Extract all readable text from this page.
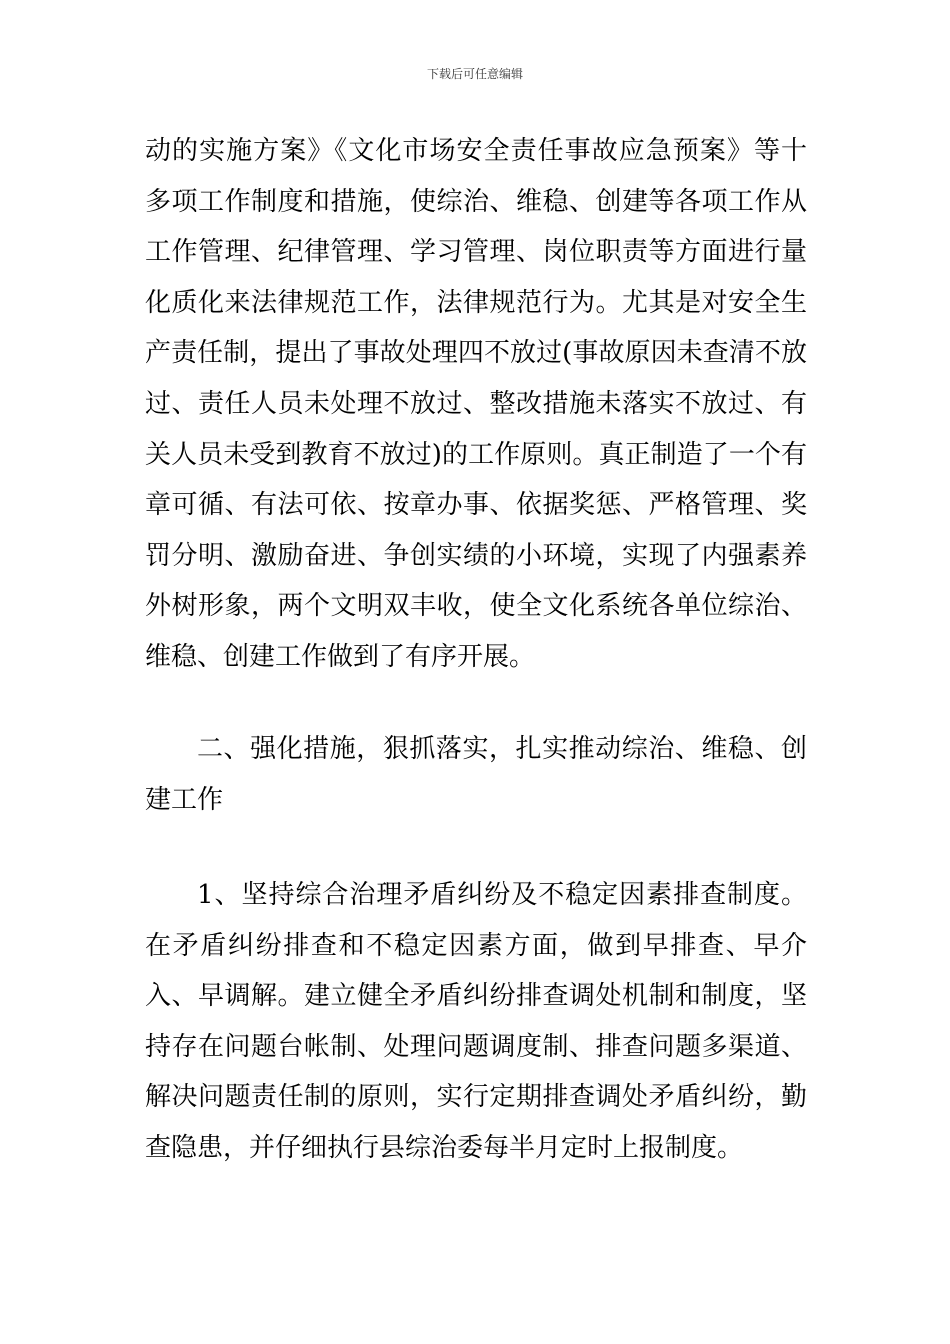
下载后可任意编辑

动的实施方案》《文化市场安全责任事故应急预案》等十多项工作制度和措施，使综治、维稳、创建等各项工作从工作管理、纪律管理、学习管理、岗位职责等方面进行量化质化来法律规范工作，法律规范行为。尤其是对安全生产责任制，提出了事故处理四不放过(事故原因未查清不放过、责任人员未处理不放过、整改措施未落实不放过、有关人员未受到教育不放过)的工作原则。真正制造了一个有章可循、有法可依、按章办事、依据奖惩、严格管理、奖罚分明、激励奋进、争创实绩的小环境，实现了内强素养外树形象，两个文明双丰收，使全文化系统各单位综治、维稳、创建工作做到了有序开展。

二、强化措施，狠抓落实，扎实推动综治、维稳、创建工作

1、坚持综合治理矛盾纠纷及不稳定因素排查制度。在矛盾纠纷排查和不稳定因素方面，做到早排查、早介入、早调解。建立健全矛盾纠纷排查调处机制和制度，坚持存在问题台帐制、处理问题调度制、排查问题多渠道、解决问题责任制的原则，实行定期排查调处矛盾纠纷，勤查隐患，并仔细执行县综治委每半月定时上报制度。
